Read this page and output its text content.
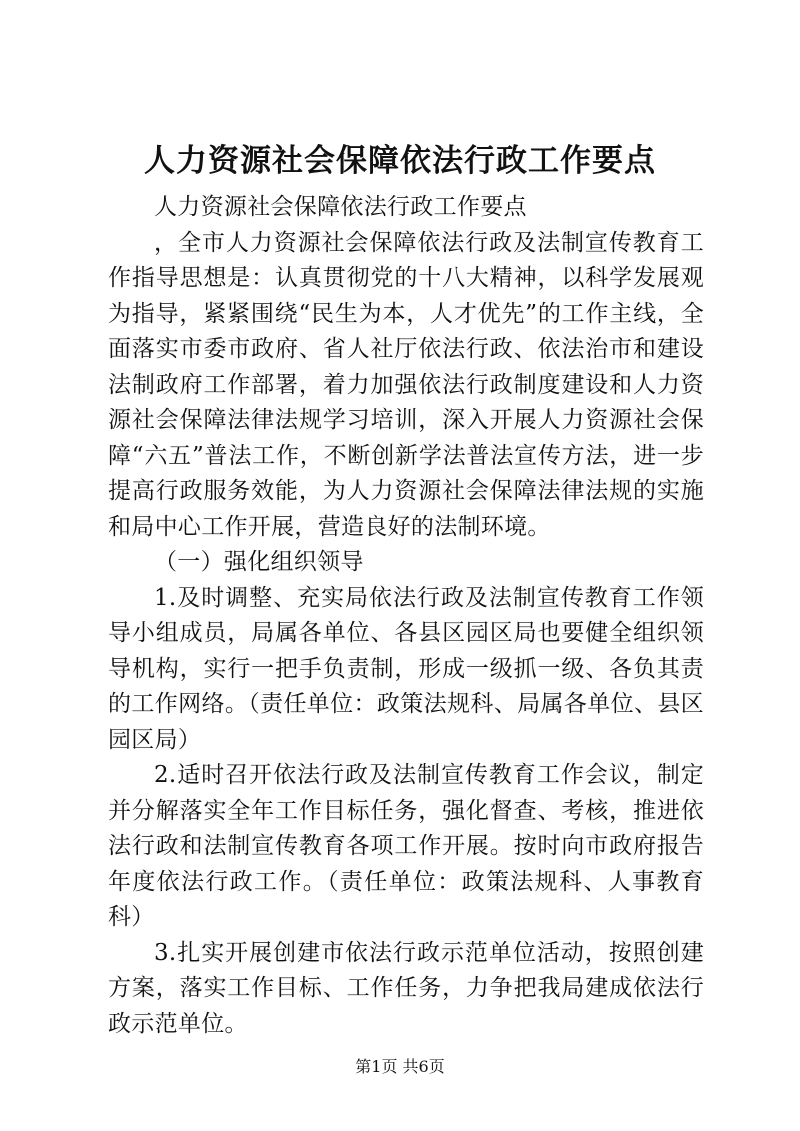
人力资源社会保障依法行政工作要点

人力资源社会保障依法行政工作要点

，全市人力资源社会保障依法行政及法制宣传教育工作指导思想是：认真贯彻党的十八大精神，以科学发展观为指导，紧紧围绕“民生为本，人才优先”的工作主线，全面落实市委市政府、省人社厅依法行政、依法治市和建设法制政府工作部署，着力加强依法行政制度建设和人力资源社会保障法律法规学习培训，深入开展人力资源社会保障“六五”普法工作，不断创新学法普法宣传方法，进一步提高行政服务效能，为人力资源社会保障法律法规的实施和局中心工作开展，营造良好的法制环境。

（一）强化组织领导

1.及时调整、充实局依法行政及法制宣传教育工作领导小组成员，局属各单位、各县区园区局也要健全组织领导机构，实行一把手负责制，形成一级抓一级、各负其责的工作网络。（责任单位：政策法规科、局属各单位、县区园区局）

2.适时召开依法行政及法制宣传教育工作会议，制定并分解落实全年工作目标任务，强化督查、考核，推进依法行政和法制宣传教育各项工作开展。按时向市政府报告年度依法行政工作。（责任单位：政策法规科、人事教育科）

3.扎实开展创建市依法行政示范单位活动，按照创建方案，落实工作目标、工作任务，力争把我局建成依法行政示范单位。

第1页 共6页
